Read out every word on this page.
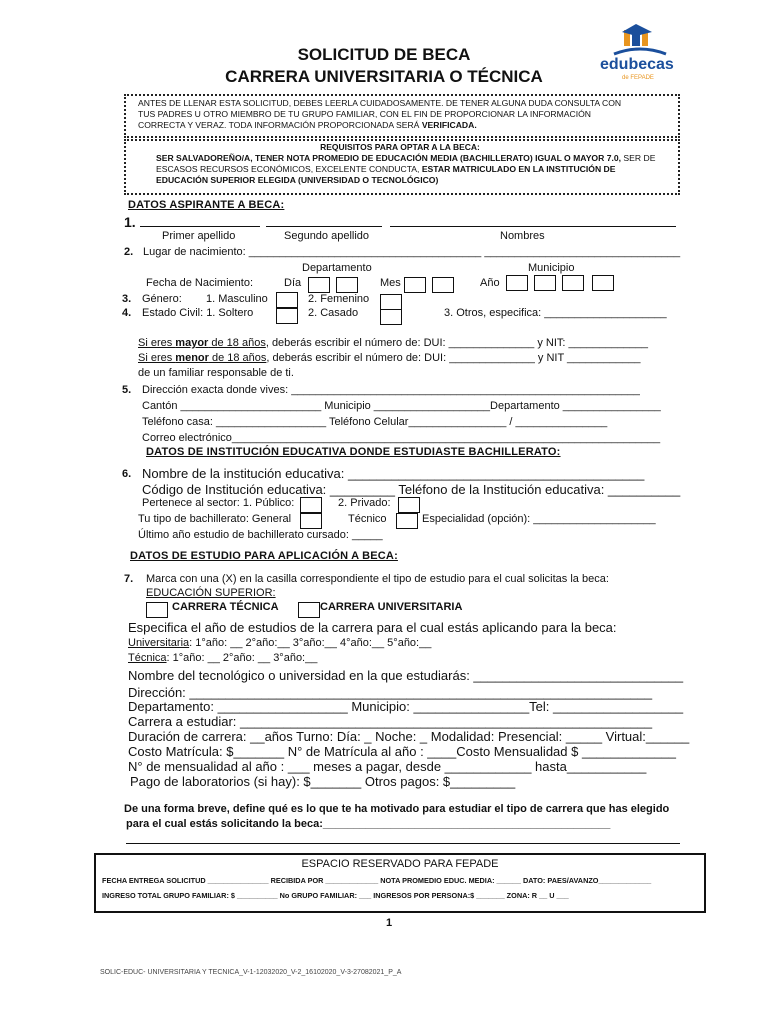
SOLICITUD DE BECA
CARRERA UNIVERSITARIA O TÉCNICA
edubecas
de FEPADE
ANTES DE LLENAR ESTA SOLICITUD, DEBES LEERLA CUIDADOSAMENTE. DE TENER ALGUNA DUDA CONSULTA CON
TUS PADRES U OTRO MIEMBRO DE TU GRUPO FAMILIAR, CON EL FIN DE PROPORCIONAR LA INFORMACIÓN
CORRECTA Y VERAZ. TODA INFORMACIÓN PROPORCIONADA SERÁ VERIFICADA.
REQUISITOS PARA OPTAR A LA BECA:
SER SALVADOREÑO/A, TENER NOTA PROMEDIO DE EDUCACIÓN MEDIA (BACHILLERATO) IGUAL O MAYOR 7.0, SER DE
ESCASOS RECURSOS ECONÓMICOS, EXCELENTE CONDUCTA, ESTAR MATRICULADO EN LA INSTITUCIÓN DE
EDUCACIÓN SUPERIOR ELEGIDA (UNIVERSIDAD O TECNOLÓGICO)
DATOS ASPIRANTE A BECA:
1.
Primer apellido	Segundo apellido	Nombres
2. Lugar de nacimiento: ______________________________________ ________________________________
Departamento	Municipio
Fecha de Nacimiento:	Día	Mes	Año
3. Género: 1. Masculino	2. Femenino
4. Estado Civil: 1. Soltero	2. Casado	3. Otros, especifica: ____________________
Si eres mayor de 18 años, deberás escribir el número de: DUI: ______________ y NIT: _____________
Si eres menor de 18 años, deberás escribir el número de: DUI: ______________ y NIT ____________
de un familiar responsable de ti.
5. Dirección exacta donde vives: _________________________________________________________
Cantón _______________________ Municipio ___________________Departamento ________________
Teléfono casa: __________________ Teléfono Celular________________ / _______________
Correo electrónico______________________________________________________________________
DATOS DE INSTITUCIÓN EDUCATIVA DONDE ESTUDIASTE BACHILLERATO:
6. Nombre de la institución educativa: _________________________________________
Código de Institución educativa: _________ Teléfono de la Institución educativa: __________
Pertenece al sector: 1. Público:	2. Privado:
Tu tipo de bachillerato: General	Técnico	Especialidad (opción): ____________________
Último año estudio de bachillerato cursado: _____
DATOS DE ESTUDIO PARA APLICACIÓN A BECA:
7. Marca con una (X) en la casilla correspondiente el tipo de estudio para el cual solicitas la beca:
EDUCACIÓN SUPERIOR:
CARRERA TÉCNICA	CARRERA UNIVERSITARIA
Especifica el año de estudios de la carrera para el cual estás aplicando para la beca:
Universitaria: 1°año: __ 2°año:__ 3°año:__ 4°año:__ 5°año:__
Técnica: 1°año: __ 2°año: __ 3°año:__
Nombre del tecnológico o universidad en la que estudiarás: _____________________________
Dirección: ________________________________________________________________
Departamento: __________________ Municipio: ________________Tel: __________________
Carrera a estudiar: _________________________________________________________
Duración de carrera: __años Turno: Día: _ Noche: _ Modalidad: Presencial: _____ Virtual:______
Costo Matrícula: $_______ N° de Matrícula al año : ____Costo Mensualidad $ _____________
N° de mensualidad al año : ___ meses a pagar, desde ____________ hasta___________
Pago de laboratorios (si hay): $_______ Otros pagos: $_________
De una forma breve, define qué es lo que te ha motivado para estudiar el tipo de carrera que has elegido
para el cual estás solicitando la beca:_______________________________________________
ESPACIO RESERVADO PARA FEPADE
FECHA ENTREGA SOLICITUD _______________ RECIBIDA POR _____________ NOTA PROMEDIO EDUC. MEDIA: ______ DATO: PAES/AVANZO_____________
INGRESO TOTAL GRUPO FAMILIAR: $ __________ No GRUPO FAMILIAR: ___ INGRESOS POR PERSONA:$ _______ ZONA: R __ U ___
1
SOLIC-EDUC- UNIVERSITARIA Y TECNICA_V-1-12032020_V-2_16102020_V-3-27082021_P_A
